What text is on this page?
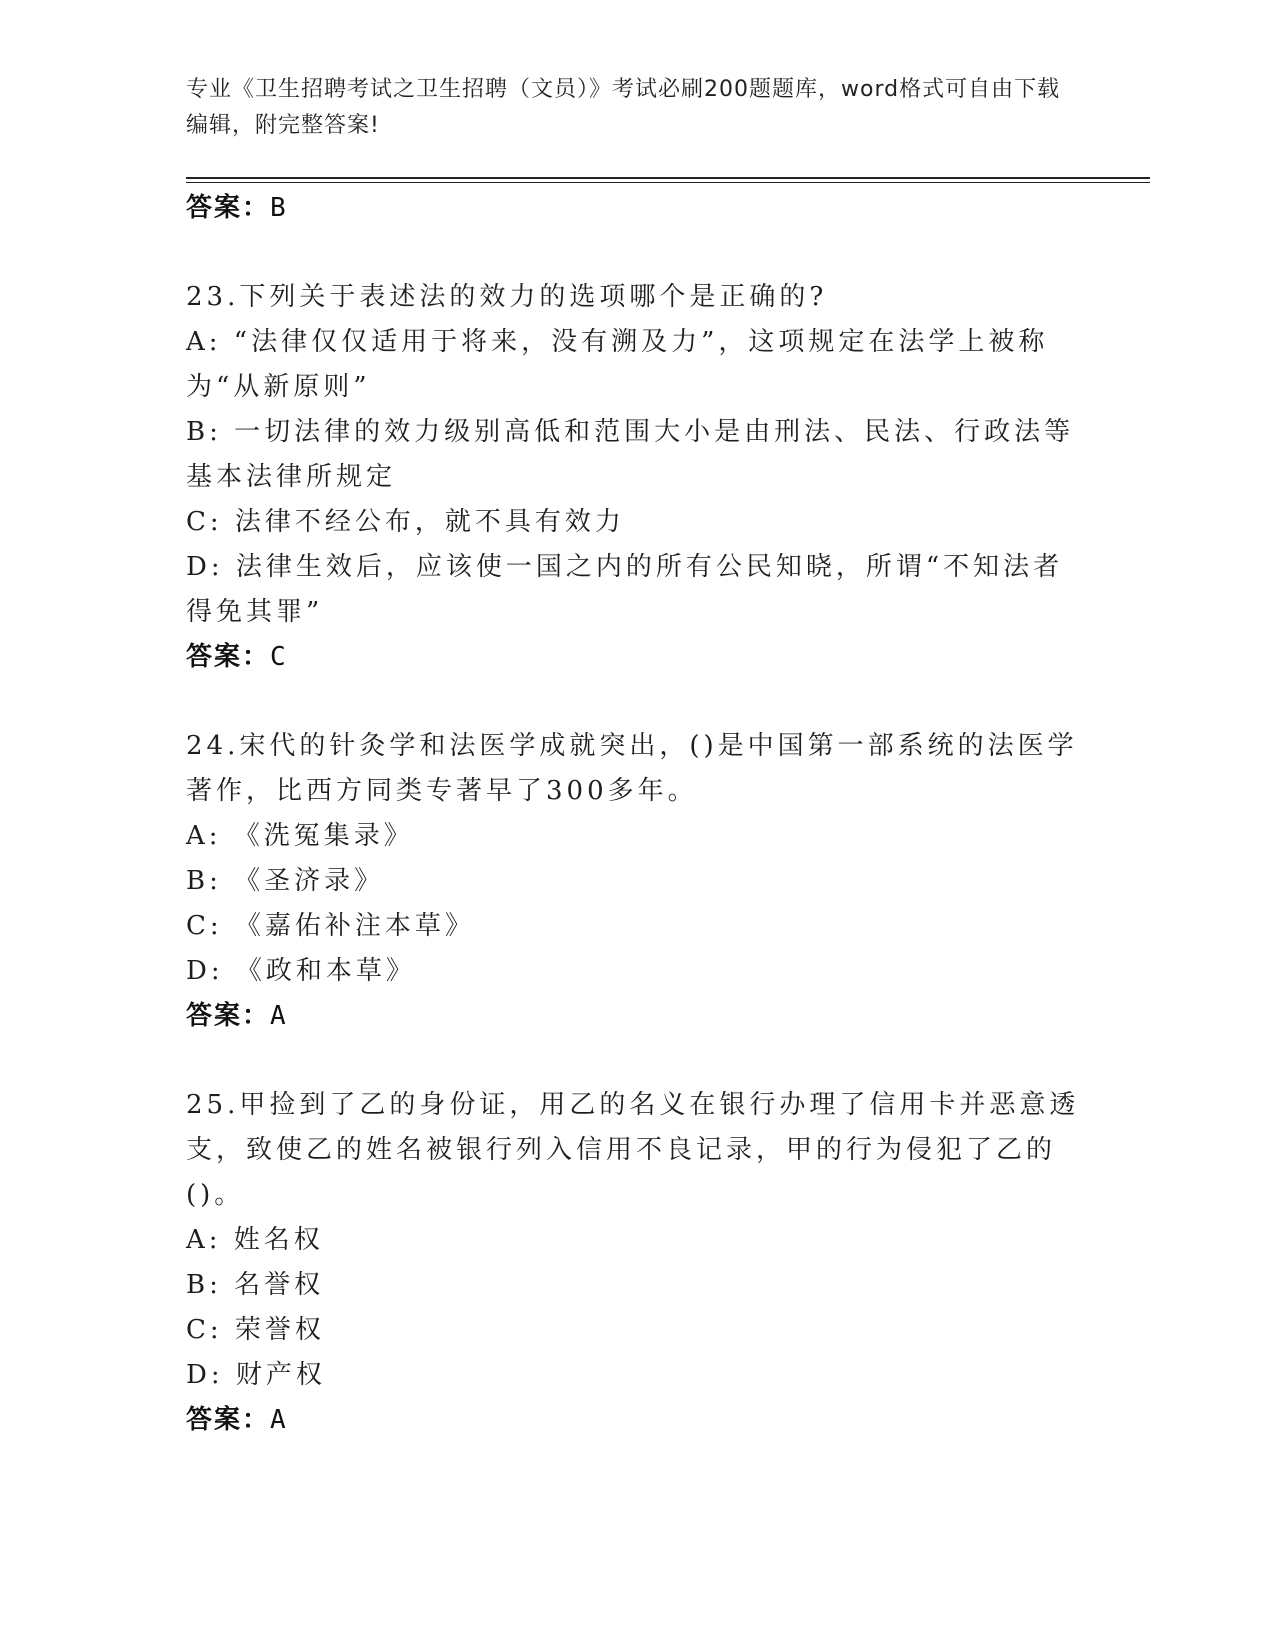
专业《卫生招聘考试之卫生招聘（文员）》考试必刷200题题库，word格式可自由下载编辑，附完整答案!
答案：B
23.下列关于表述法的效力的选项哪个是正确的?
A: “法律仅仅适用于将来，没有溯及力”，这项规定在法学上被称为“从新原则”
B: 一切法律的效力级别高低和范围大小是由刑法、民法、行政法等基本法律所规定
C: 法律不经公布，就不具有效力
D: 法律生效后，应该使一国之内的所有公民知晓，所谓“不知法者得免其罪”
答案：C
24.宋代的针灸学和法医学成就突出，()是中国第一部系统的法医学著作，比西方同类专著早了300多年。
A: 《洗冤集录》
B: 《圣济录》
C: 《嘉佑补注本草》
D: 《政和本草》
答案：A
25.甲捡到了乙的身份证，用乙的名义在银行办理了信用卡并恶意透支，致使乙的姓名被银行列入信用不良记录，甲的行为侵犯了乙的()。
A: 姓名权
B: 名誉权
C: 荣誉权
D: 财产权
答案：A
